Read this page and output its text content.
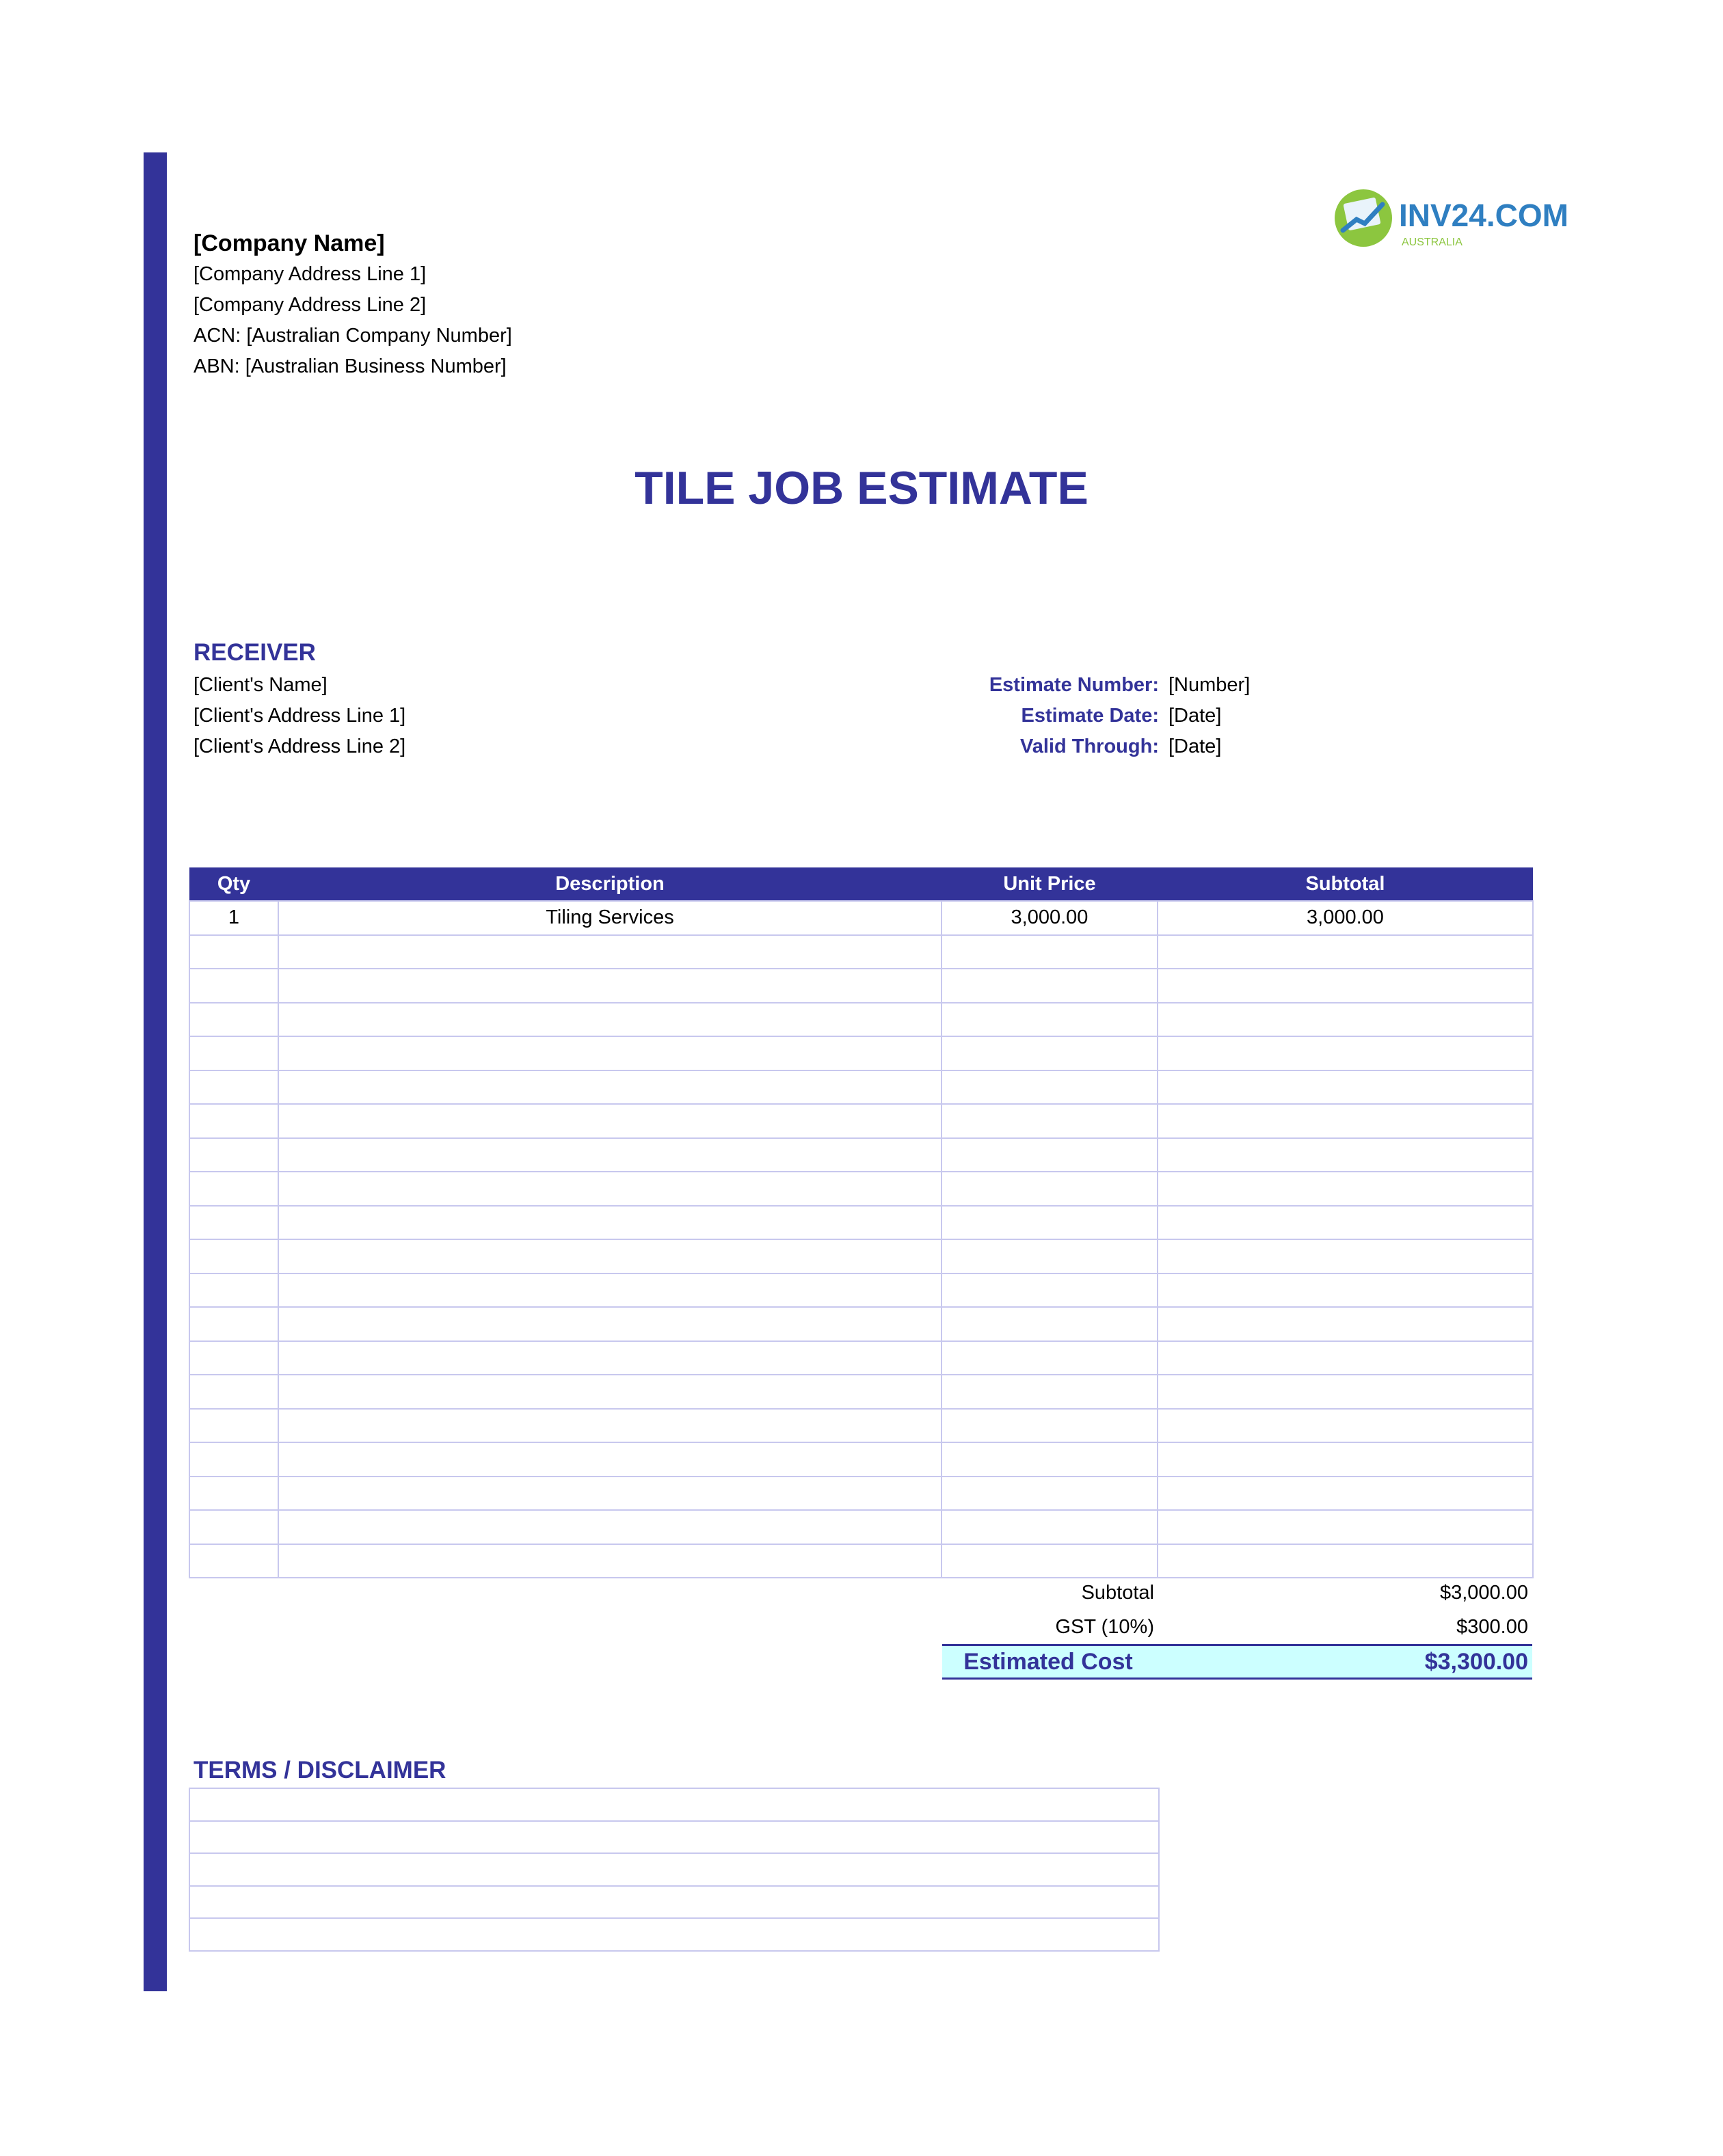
INV24.COM
AUSTRALIA
[Company Name]
[Company Address Line 1]
[Company Address Line 2]
ACN: [Australian Company Number]
ABN: [Australian Business Number]
TILE JOB ESTIMATE
RECEIVER
[Client's Name]
[Client's Address Line 1]
[Client's Address Line 2]
Estimate Number: [Number]
Estimate Date: [Date]
Valid Through: [Date]
Qty	Description	Unit Price	Subtotal
1	Tiling Services	3,000.00	3,000.00

Subtotal	$3,000.00
GST (10%)	$300.00
Estimated Cost	$3,300.00
TERMS / DISCLAIMER
